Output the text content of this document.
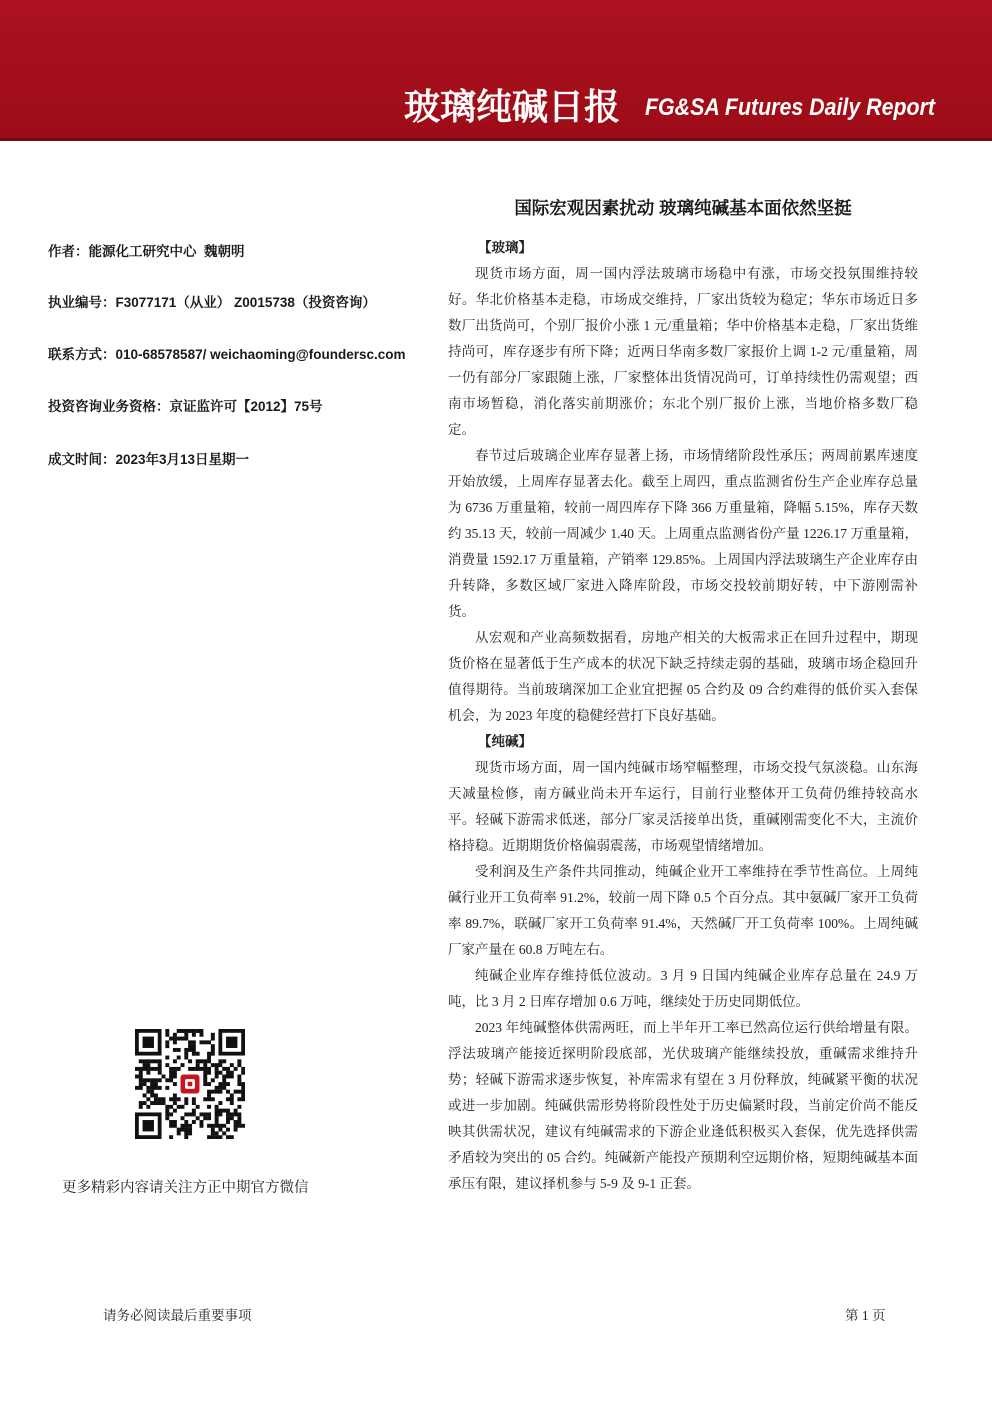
玻璃纯碱日报 FG&SA Futures Daily Report
国际宏观因素扰动 玻璃纯碱基本面依然坚挺
作者：能源化工研究中心  魏朝明
执业编号：F3077171（从业） Z0015738（投资咨询）
联系方式：010-68578587/ weichaoming@foundersc.com
投资咨询业务资格：京证监许可【2012】75号
成文时间：2023年3月13日星期一
更多精彩内容请关注方正中期官方微信
【玻璃】

现货市场方面，周一国内浮法玻璃市场稳中有涨，市场交投氛围维持较好。华北价格基本走稳，市场成交维持，厂家出货较为稳定；华东市场近日多数厂出货尚可，个别厂报价小涨 1 元/重量箱；华中价格基本走稳，厂家出货维持尚可，库存逐步有所下降；近两日华南多数厂家报价上调 1-2 元/重量箱，周一仍有部分厂家跟随上涨，厂家整体出货情况尚可，订单持续性仍需观望；西南市场暂稳，消化落实前期涨价；东北个别厂报价上涨，当地价格多数厂稳定。

春节过后玻璃企业库存显著上扬，市场情绪阶段性承压；两周前累库速度开始放缓，上周库存显著去化。截至上周四，重点监测省份生产企业库存总量为 6736 万重量箱，较前一周四库存下降 366 万重量箱，降幅 5.15%，库存天数约 35.13 天，较前一周减少 1.40 天。上周重点监测省份产量 1226.17 万重量箱，消费量 1592.17 万重量箱，产销率 129.85%。上周国内浮法玻璃生产企业库存由升转降，多数区域厂家进入降库阶段，市场交投较前期好转，中下游刚需补货。

从宏观和产业高频数据看，房地产相关的大板需求正在回升过程中，期现货价格在显著低于生产成本的状况下缺乏持续走弱的基础，玻璃市场企稳回升值得期待。当前玻璃深加工企业宜把握 05 合约及 09 合约难得的低价买入套保机会，为 2023 年度的稳健经营打下良好基础。

【纯碱】

现货市场方面，周一国内纯碱市场窄幅整理，市场交投气氛淡稳。山东海天减量检修，南方碱业尚未开车运行，目前行业整体开工负荷仍维持较高水平。轻碱下游需求低迷，部分厂家灵活接单出货，重碱刚需变化不大，主流价格持稳。近期期货价格偏弱震荡，市场观望情绪增加。

受利润及生产条件共同推动，纯碱企业开工率维持在季节性高位。上周纯碱行业开工负荷率 91.2%，较前一周下降 0.5 个百分点。其中氨碱厂家开工负荷率 89.7%，联碱厂家开工负荷率 91.4%，天然碱厂开工负荷率 100%。上周纯碱厂家产量在 60.8 万吨左右。

纯碱企业库存维持低位波动。3 月 9 日国内纯碱企业库存总量在 24.9 万吨，比 3 月 2 日库存增加 0.6 万吨，继续处于历史同期低位。

2023 年纯碱整体供需两旺，而上半年开工率已然高位运行供给增量有限。浮法玻璃产能接近探明阶段底部，光伏玻璃产能继续投放，重碱需求维持升势；轻碱下游需求逐步恢复，补库需求有望在 3 月份释放，纯碱紧平衡的状况或进一步加剧。纯碱供需形势将阶段性处于历史偏紧时段，当前定价尚不能反映其供需状况，建议有纯碱需求的下游企业逢低积极买入套保，优先选择供需矛盾较为突出的 05 合约。纯碱新产能投产预期利空远期价格，短期纯碱基本面承压有限，建议择机参与 5-9 及 9-1 正套。

请务必阅读最后重要事项	第 1 页
